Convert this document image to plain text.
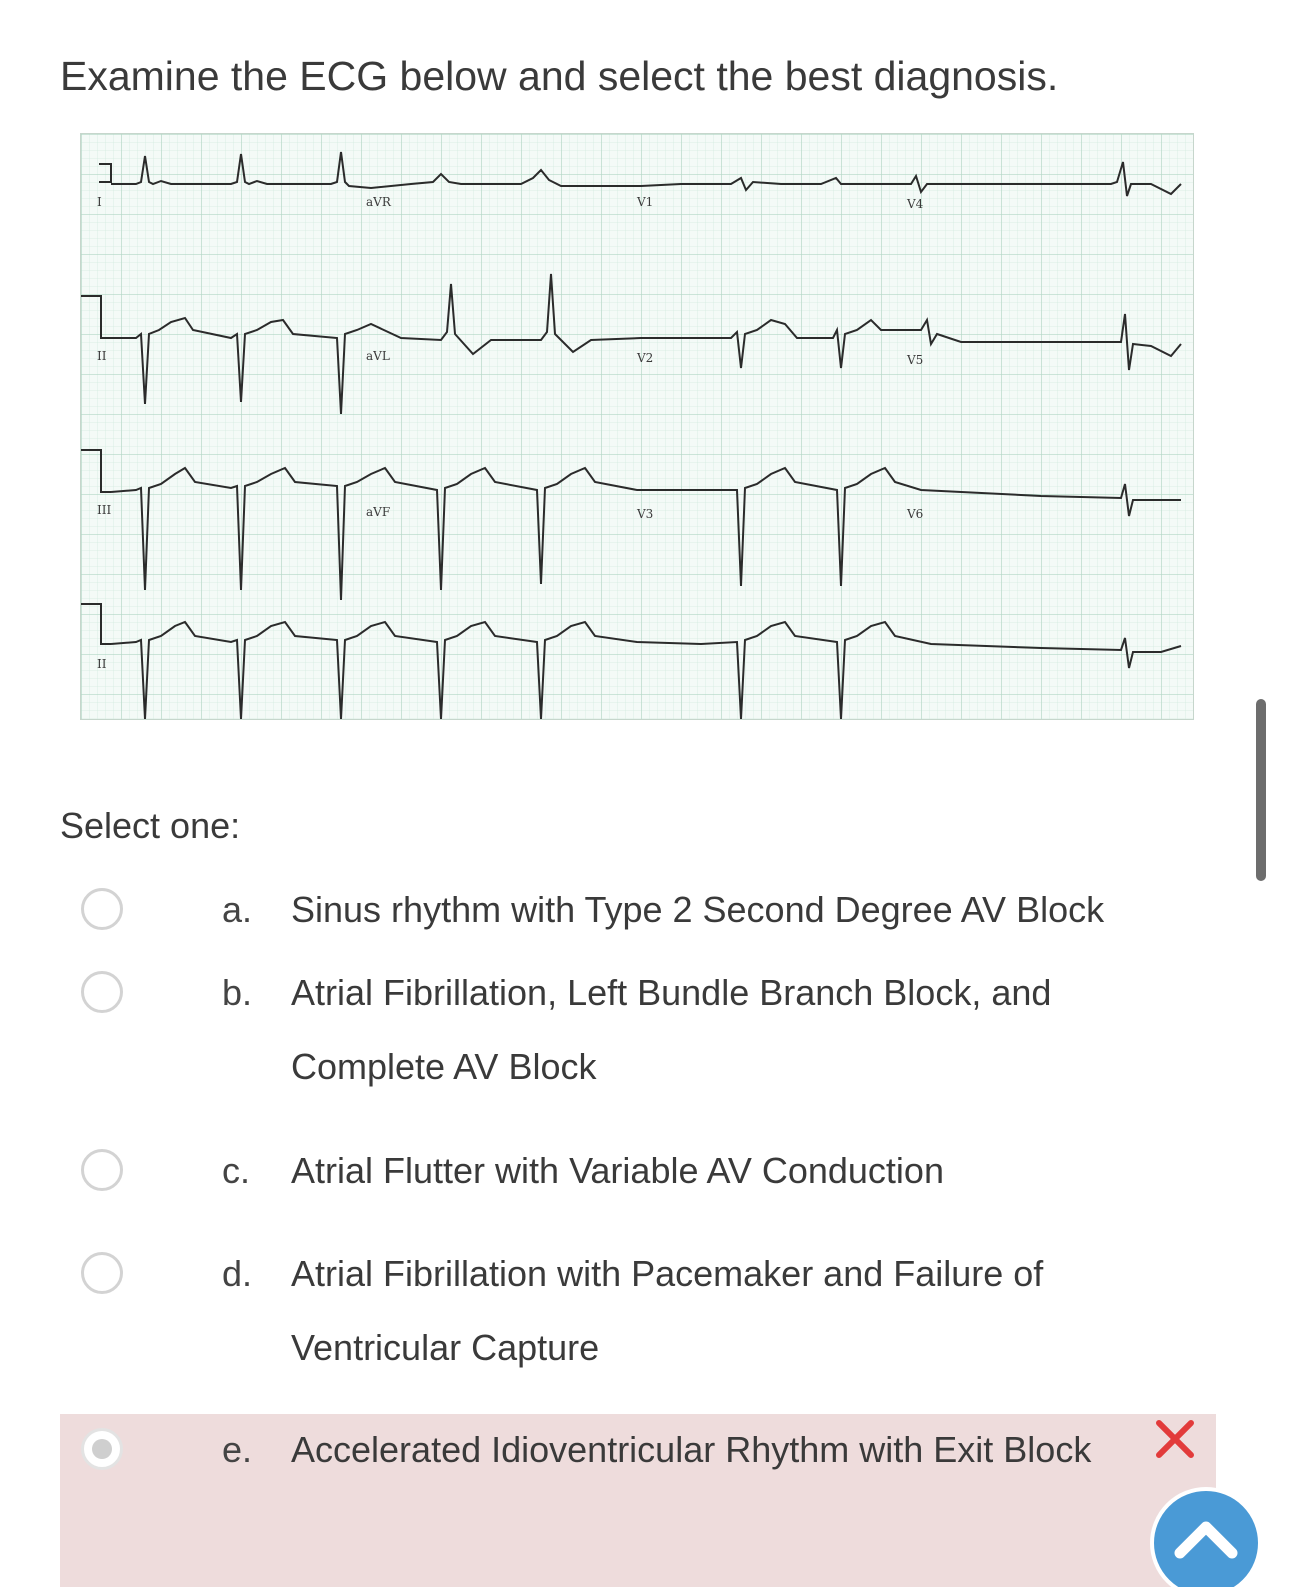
Examine the ECG below and select the best diagnosis.
I	aVR	V1	V4
II	aVL	V2	V5
III	aVF	V3	V6
II
Select one:
a. Sinus rhythm with Type 2 Second Degree AV Block
b. Atrial Fibrillation, Left Bundle Branch Block, and Complete AV Block
c. Atrial Flutter with Variable AV Conduction
d. Atrial Fibrillation with Pacemaker and Failure of Ventricular Capture
e. Accelerated Idioventricular Rhythm with Exit Block
